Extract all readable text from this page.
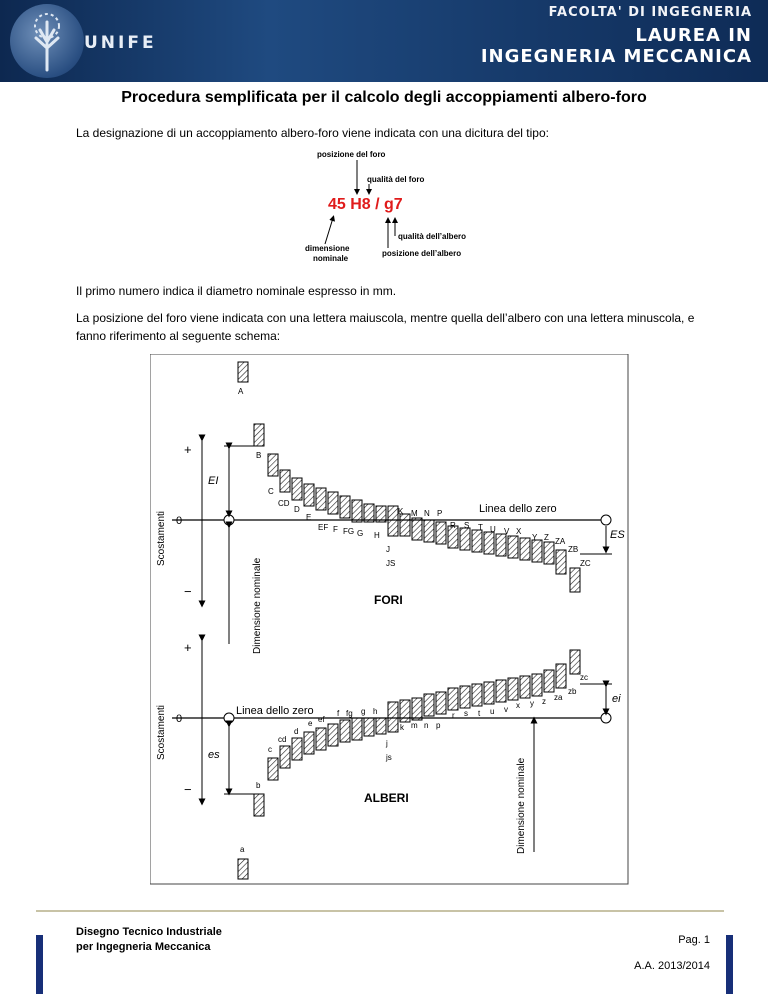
UNIFE
FACOLTA' DI INGEGNERIA
LAUREA IN
INGEGNERIA MECCANICA
Procedura semplificata per il calcolo degli accoppiamenti albero-foro
La designazione di un accoppiamento albero-foro viene indicata con una dicitura del tipo:
posizione del foro
qualità del foro
45 H8 / g7
qualità dell’albero
dimensione
nominale
posizione dell’albero
Il primo numero indica il diametro nominale espresso in mm.
La posizione del foro viene indicata con una lettera maiuscola, mentre quella dell’albero con una lettera minuscola, e fanno riferimento al seguente schema:
Scostamenti
+
0
−
EI
ES
Linea dello zero
Dimensione nominale	FORI
A
B
C
CD
D
E
EF F FG G H
J
JS
K M N P
R S T U V X
Y Z ZA
ZB
ZC
Scostamenti
+
0
−
es
ei
Linea dello zero
Dimensione nominale
ALBERI
a
b
c
cd
d
e ef
f fg g h
j
js
k m n p
r s t u v x y z za
zb
zc
Disegno Tecnico Industriale
per Ingegneria Meccanica
Pag. 1
A.A. 2013/2014
